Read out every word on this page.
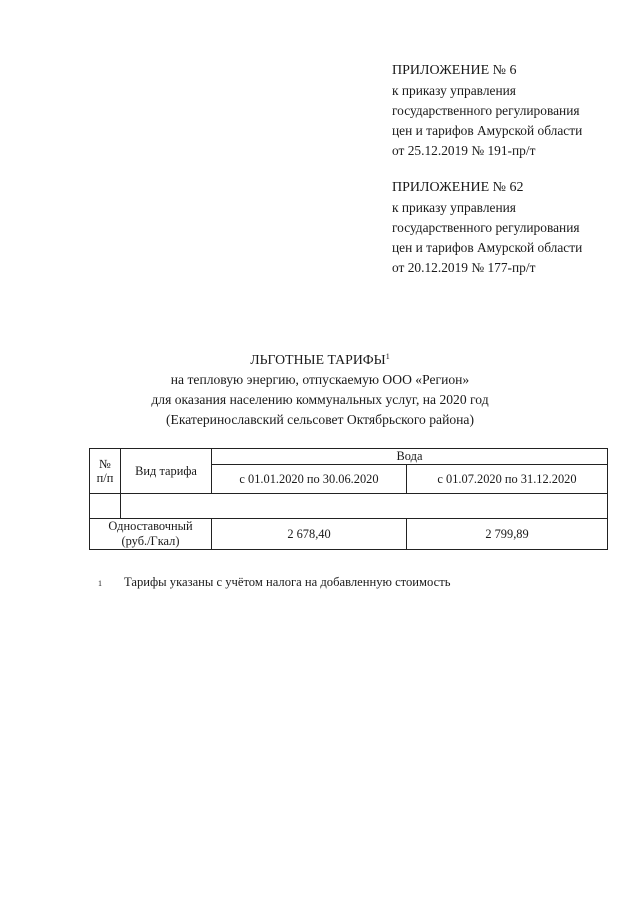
ПРИЛОЖЕНИЕ № 6
к приказу управления
государственного регулирования
цен и тарифов Амурской области
от 25.12.2019 № 191-пр/т
ПРИЛОЖЕНИЕ № 62
к приказу управления
государственного регулирования
цен и тарифов Амурской области
от 20.12.2019 № 177-пр/т
ЛЬГОТНЫЕ ТАРИФЫ$^1$
на тепловую энергию, отпускаемую ООО «Регион»
для оказания населению коммунальных услуг, на 2020 год
(Екатеринославский сельсовет Октябрьского района)
№
п/п	Вид тарифа	Вода	
		с 01.01.2020 по 30.06.2020	с 01.07.2020 по 31.12.2020

Одноставочный
(руб./Гкал)		2 678,40	2 799,89
1 Тарифы указаны с учётом налога на добавленную стоимость
